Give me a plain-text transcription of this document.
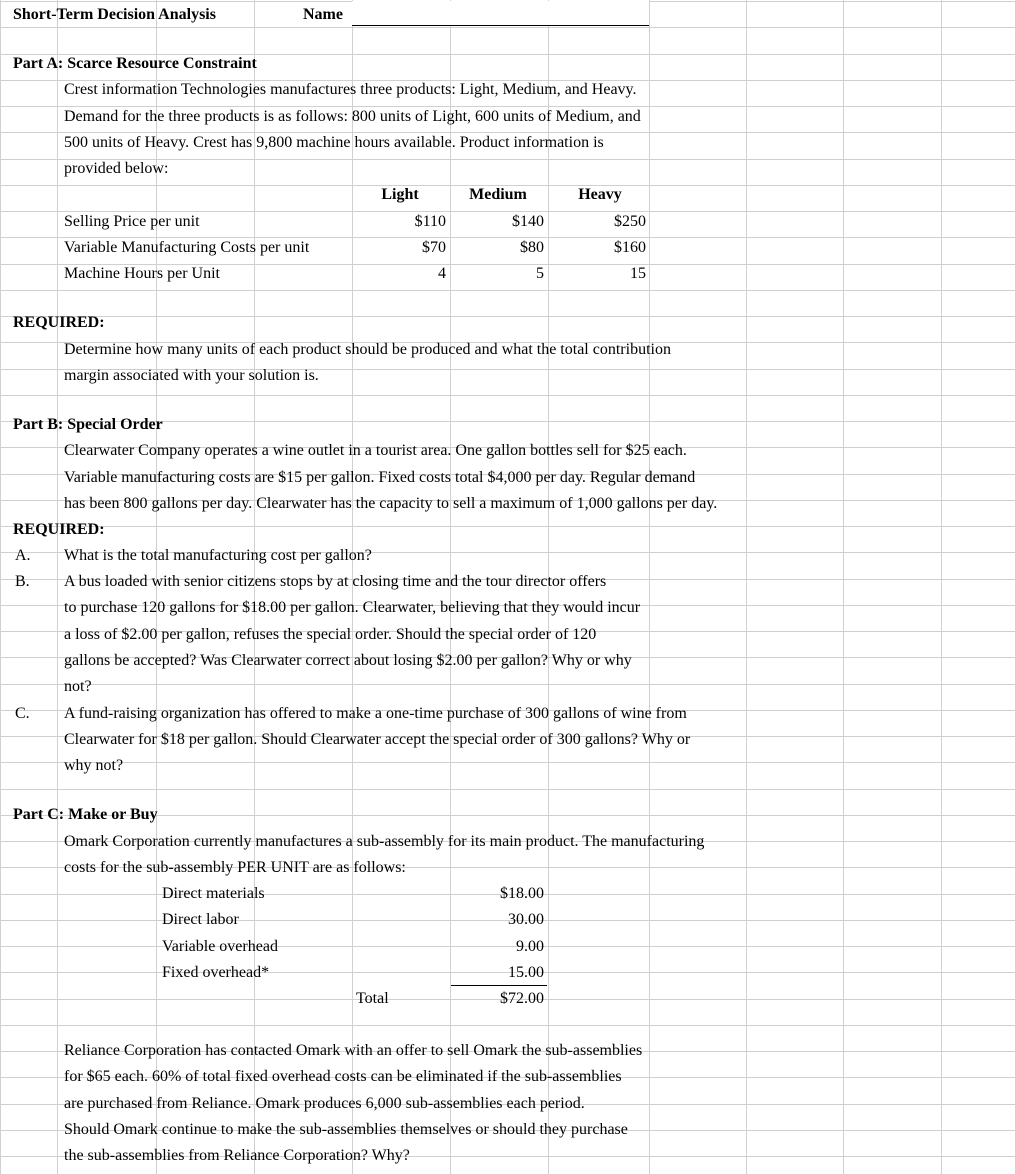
Short-Term Decision Analysis	Name
Part A: Scarce Resource Constraint
Crest information Technologies manufactures three products: Light, Medium, and Heavy.
Demand for the three products is as follows: 800 units of Light, 600 units of Medium, and
500 units of Heavy. Crest has 9,800 machine hours available. Product information is
provided below:
Light	Medium	Heavy
Selling Price per unit	$110	$140	$250
Variable Manufacturing Costs per unit	$70	$80	$160
Machine Hours per Unit	4	5	15
REQUIRED:
Determine how many units of each product should be produced and what the total contribution
margin associated with your solution is.
Part B: Special Order
Clearwater Company operates a wine outlet in a tourist area. One gallon bottles sell for $25 each.
Variable manufacturing costs are $15 per gallon. Fixed costs total $4,000 per day. Regular demand
has been 800 gallons per day. Clearwater has the capacity to sell a maximum of 1,000 gallons per day.
REQUIRED:
A. What is the total manufacturing cost per gallon?
B. A bus loaded with senior citizens stops by at closing time and the tour director offers
to purchase 120 gallons for $18.00 per gallon. Clearwater, believing that they would incur
a loss of $2.00 per gallon, refuses the special order. Should the special order of 120
gallons be accepted? Was Clearwater correct about losing $2.00 per gallon? Why or why
not?
C. A fund-raising organization has offered to make a one-time purchase of 300 gallons of wine from
Clearwater for $18 per gallon. Should Clearwater accept the special order of 300 gallons? Why or
why not?
Part C: Make or Buy
Omark Corporation currently manufactures a sub-assembly for its main product. The manufacturing
costs for the sub-assembly PER UNIT are as follows:
Direct materials	$18.00
Direct labor	30.00
Variable overhead	9.00
Fixed overhead*	15.00
Total	$72.00
Reliance Corporation has contacted Omark with an offer to sell Omark the sub-assemblies
for $65 each. 60% of total fixed overhead costs can be eliminated if the sub-assemblies
are purchased from Reliance. Omark produces 6,000 sub-assemblies each period.
Should Omark continue to make the sub-assemblies themselves or should they purchase
the sub-assemblies from Reliance Corporation? Why?
